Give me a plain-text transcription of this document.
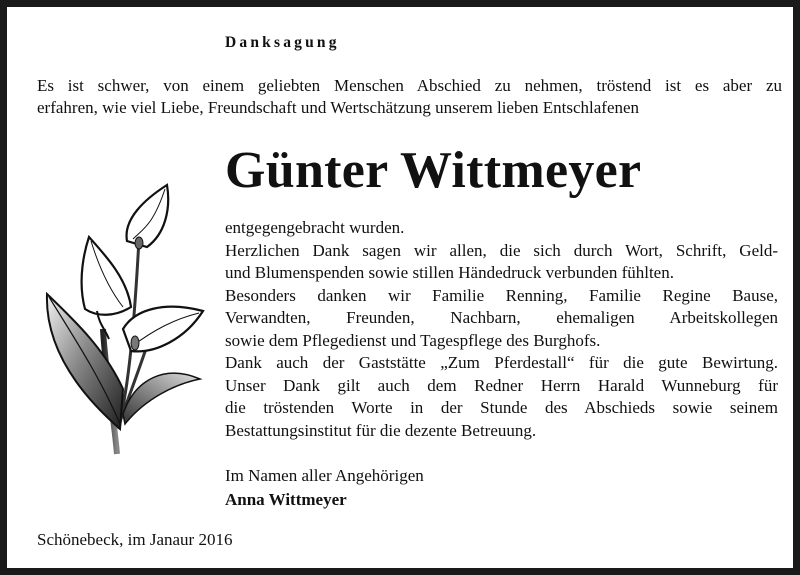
Danksagung
Es ist schwer, von einem geliebten Menschen Abschied zu nehmen, tröstend ist es aber zu
erfahren, wie viel Liebe, Freundschaft und Wertschätzung unserem lieben Entschlafenen
Günter Wittmeyer
entgegengebracht wurden.
Herzlichen Dank sagen wir allen, die sich durch Wort, Schrift, Geld-
und Blumenspenden sowie stillen Händedruck verbunden fühlten.
Besonders danken wir Familie Renning, Familie Regine Bause,
Verwandten, Freunden, Nachbarn, ehemaligen Arbeitskollegen
sowie dem Pflegedienst und Tagespflege des Burghofs.
Dank auch der Gaststätte „Zum Pferdestall“ für die gute Bewirtung.
Unser Dank gilt auch dem Redner Herrn Harald Wunneburg für
die tröstenden Worte in der Stunde des Abschieds sowie seinem
Bestattungsinstitut für die dezente Betreuung.
Im Namen aller Angehörigen
Anna Wittmeyer
Schönebeck, im Janaur 2016
